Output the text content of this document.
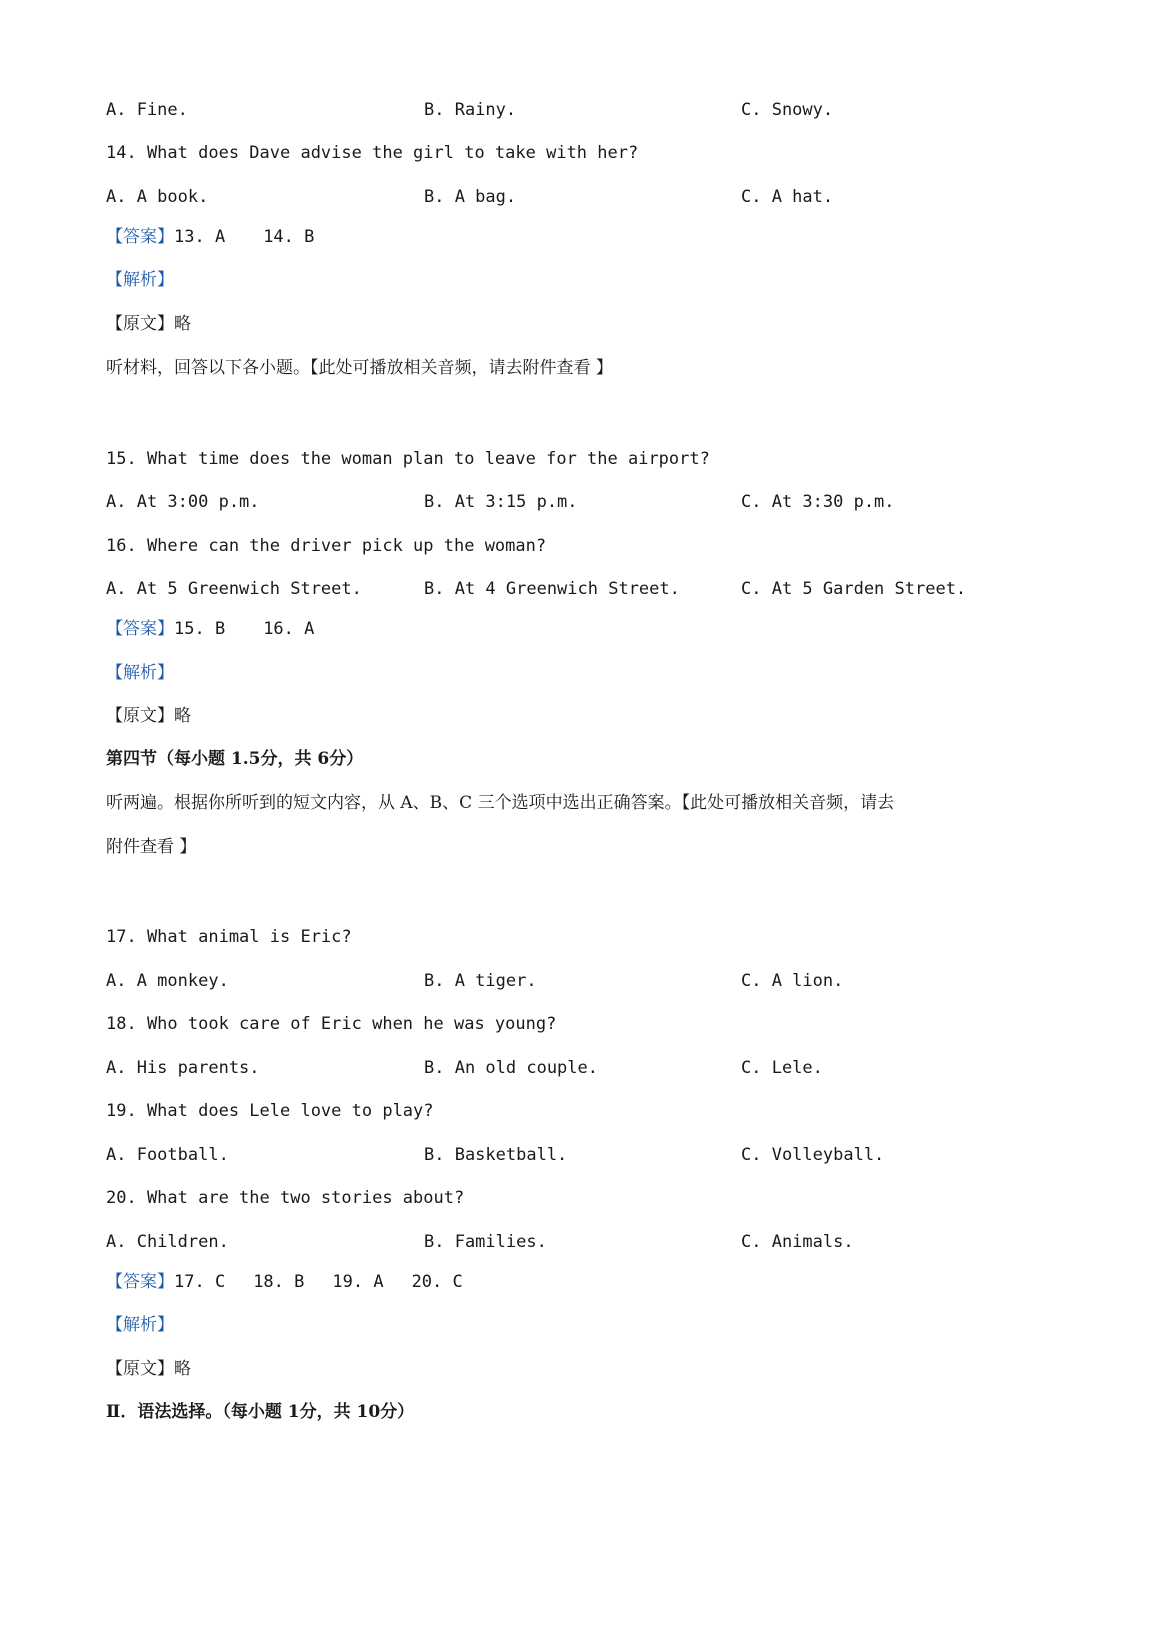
A. Fine.	B. Rainy.	C. Snowy.
14. What does Dave advise the girl to take with her?
A. A book.	B. A bag.	C. A hat.
【答案】13. A 14. B
【解析】
【原文】略
听材料，回答以下各小题。【此处可播放相关音频，请去附件查看 】
15. What time does the woman plan to leave for the airport?
A. At 3:00 p.m.	B. At 3:15 p.m.	C. At 3:30 p.m.
16. Where can the driver pick up the woman?
A. At 5 Greenwich Street.	B. At 4 Greenwich Street.	C. At 5 Garden Street.
【答案】15. B 16. A
【解析】
【原文】略
第四节（每小题 1.5分，共 6分）
听两遍。根据你所听到的短文内容，从 A、B、C 三个选项中选出正确答案。【此处可播放相关音频，请去
附件查看 】
17. What animal is Eric?
A. A monkey.	B. A tiger.	C. A lion.
18. Who took care of Eric when he was young?
A. His parents.	B. An old couple.	C. Lele.
19. What does Lele love to play?
A. Football.	B. Basketball.	C. Volleyball.
20. What are the two stories about?
A. Children.	B. Families.	C. Animals.
【答案】17. C 18. B 19. A 20. C
【解析】
【原文】略
Ⅱ．语法选择。（每小题 1分，共 10分）
